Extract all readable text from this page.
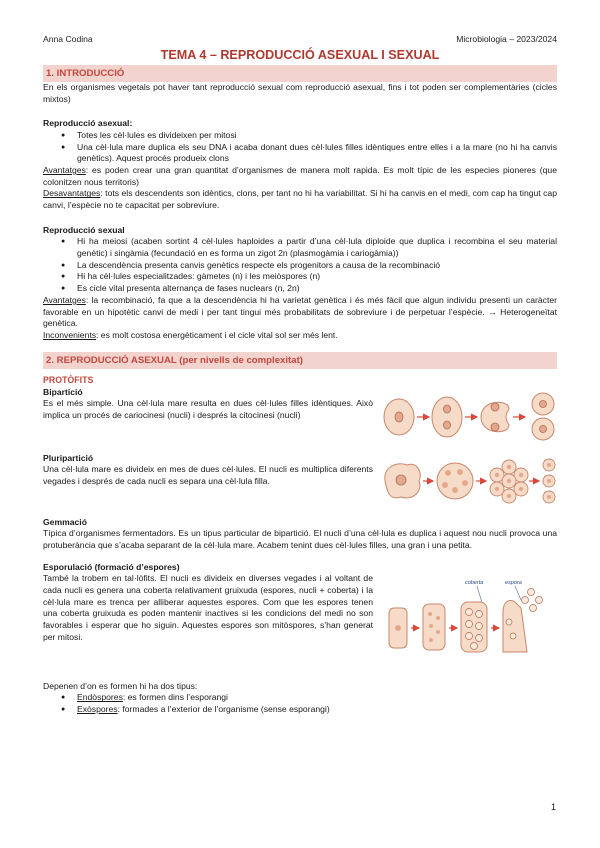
Anna Codina	Microbiologia – 2023/2024
TEMA 4 – REPRODUCCIÓ ASEXUAL I SEXUAL
1. INTRODUCCIÓ

En els organismes vegetals pot haver tant reproducció sexual com reproducció asexual, fins i tot poden ser complementàries (cicles mixtos)

Reproducció asexual:
● Totes les cèl·lules es divideixen per mitosi
● Una cèl·lula mare duplica els seu DNA i acaba donant dues cèl·lules filles idèntiques entre elles i a la mare (no hi ha canvis genètics). Aquest procés produeix clons

Avantatges: es poden crear una gran quantitat d’organismes de manera molt rapida. Es molt típic de les especies pioneres (que colonitzen nous territoris)

Desavantatges: tots els descendents son idèntics, clons, per tant no hi ha variabilitat. Si hi ha canvis en el medi, com cap ha tingut cap canvi, l’espècie no te capacitat per sobreviure.

Reproducció sexual
● Hi ha meiosi (acaben sortint 4 cèl·lules haploides a partir d’una cèl·lula diploide que duplica i recombina el seu material genètic) i singàmia (fecundació en es forma un zigot 2n (plasmogàmia i cariogàmia))
● La descendència presenta canvis genètics respecte els progenitors a causa de la recombinació
● Hi ha cèl·lules especialitzades: gàmetes (n) i les meiòspores (n)
● Es cicle vital presenta alternança de fases nuclears (n, 2n)

Avantatges: la recombinació, fa que a la descendència hi ha varietat genètica i és més fàcil que algun individu presenti un caràcter favorable en un hipotètic canvi de medi i per tant tingui més probabilitats de sobreviure i de perpetuar l’espècie. → Heterogeneïtat genètica.

Inconvenients: es molt costosa energèticament i el cicle vital sol ser més lent.

2. REPRODUCCIÓ ASEXUAL (per nivells de complexitat)
PROTÒFITS
Bipartició

Es el més simple. Una cèl·lula mare resulta en dues cèl·lules filles idèntiques. Això implica un procés de cariocinesi (nucli) i després la citocinesi (nucli)

Pluripartició

Una cèl·lula mare es divideix en mes de dues cèl·lules. El nucli es multiplica diferents vegades i després de cada nucli es separa una cèl·lula filla.

Gemmació

Típica d’organismes fermentadors. Es un tipus particular de bipartició. El nucli d’una cèl·lula es duplica i aquest nou nucli provoca una protuberància que s’acaba separant de la cèl·lula mare. Acabem tenint dues cèl·lules filles, una gran i una petita.

Esporulació (formació d’espores)

També la trobem en tal·lòfits. El nucli es divideix en diverses vegades i al voltant de cada nucli es genera una coberta relativament gruixuda (espores, nucli + coberta) i la cèl·lula mare es trenca per alliberar aquestes espores. Com que les espores tenen una coberta gruixuda es poden mantenir inactives si les condicions del medi no son favorables i esperar que ho siguin. Aquestes espores son mitòspores, s’han generat per mitosi.

coberta	espora

Depenen d’on es formen hi ha dos tipus:

● Endòspores: es formen dins l’esporangi
● Exòspores: formades a l’exterior de l’organisme (sense esporangi)
1
